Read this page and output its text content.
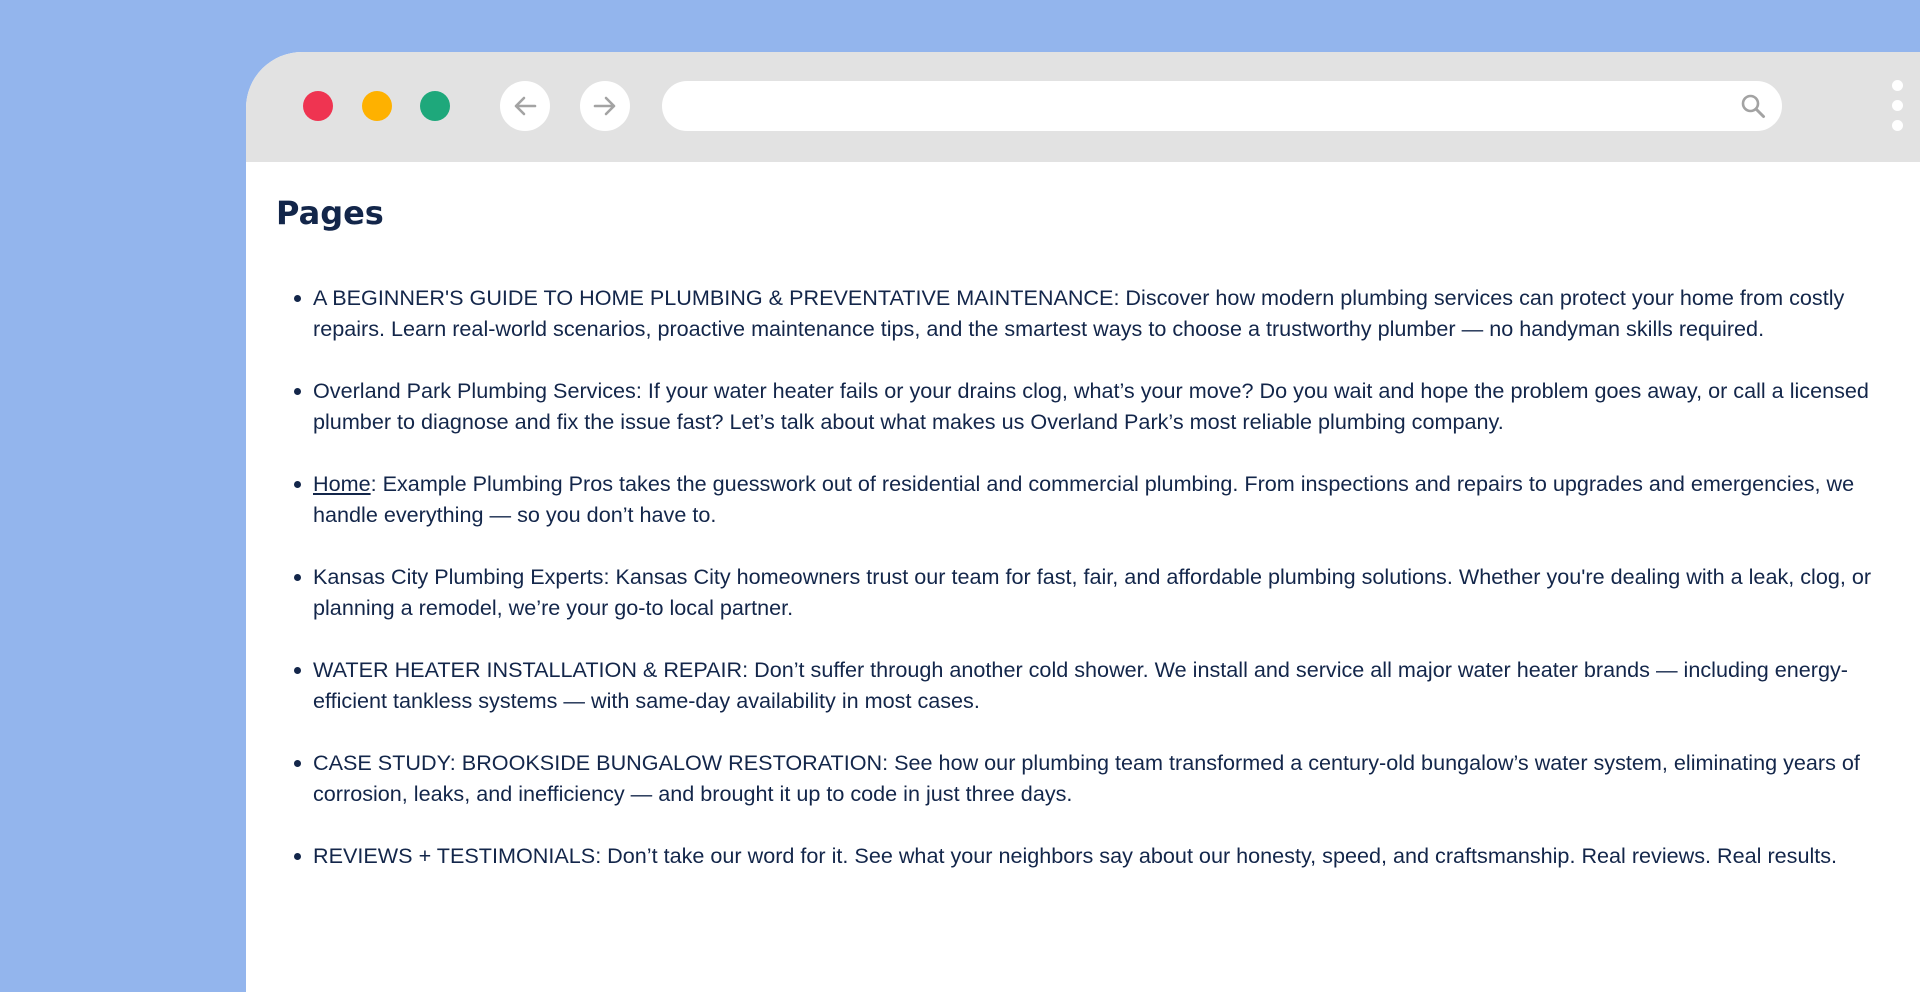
Pages
A BEGINNER'S GUIDE TO HOME PLUMBING & PREVENTATIVE MAINTENANCE: Discover how modern plumbing services can protect your home from costly repairs. Learn real-world scenarios, proactive maintenance tips, and the smartest ways to choose a trustworthy plumber — no handyman skills required.
Overland Park Plumbing Services: If your water heater fails or your drains clog, what’s your move? Do you wait and hope the problem goes away, or call a licensed plumber to diagnose and fix the issue fast? Let’s talk about what makes us Overland Park’s most reliable plumbing company.
Home: Example Plumbing Pros takes the guesswork out of residential and commercial plumbing. From inspections and repairs to upgrades and emergencies, we handle everything — so you don’t have to.
Kansas City Plumbing Experts: Kansas City homeowners trust our team for fast, fair, and affordable plumbing solutions. Whether you're dealing with a leak, clog, or planning a remodel, we’re your go-to local partner.
WATER HEATER INSTALLATION & REPAIR: Don’t suffer through another cold shower. We install and service all major water heater brands — including energy-efficient tankless systems — with same-day availability in most cases.
CASE STUDY: BROOKSIDE BUNGALOW RESTORATION: See how our plumbing team transformed a century-old bungalow’s water system, eliminating years of corrosion, leaks, and inefficiency — and brought it up to code in just three days.
REVIEWS + TESTIMONIALS: Don’t take our word for it. See what your neighbors say about our honesty, speed, and craftsmanship. Real reviews. Real results.
